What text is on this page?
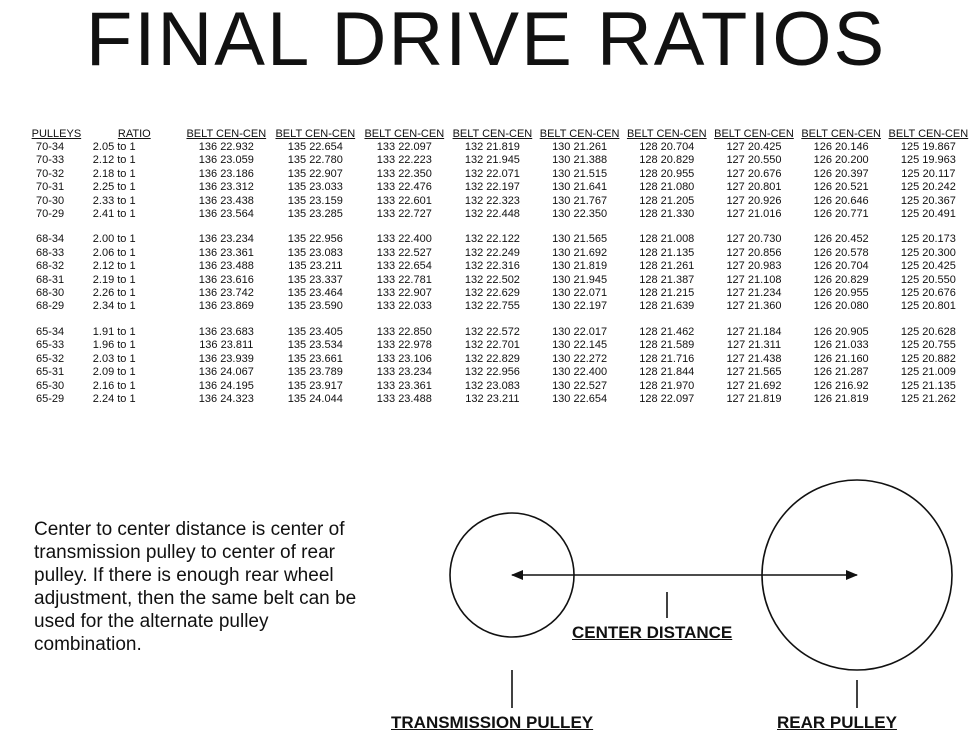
FINAL DRIVE RATIOS
PULLEYS	RATIO	BELT CEN-CEN	BELT CEN-CEN	BELT CEN-CEN	BELT CEN-CEN	BELT CEN-CEN	BELT CEN-CEN	BELT CEN-CEN	BELT CEN-CEN	BELT CEN-CEN
70-34	2.05 to 1	136 22.932	135 22.654	133 22.097	132 21.819	130 21.261	128 20.704	127 20.425	126 20.146	125 19.867
70-33	2.12 to 1	136 23.059	135 22.780	133 22.223	132 21.945	130 21.388	128 20.829	127 20.550	126 20.200	125 19.963
70-32	2.18 to 1	136 23.186	135 22.907	133 22.350	132 22.071	130 21.515	128 20.955	127 20.676	126 20.397	125 20.117
70-31	2.25 to 1	136 23.312	135 23.033	133 22.476	132 22.197	130 21.641	128 21.080	127 20.801	126 20.521	125 20.242
70-30	2.33 to 1	136 23.438	135 23.159	133 22.601	132 22.323	130 21.767	128 21.205	127 20.926	126 20.646	125 20.367
70-29	2.41 to 1	136 23.564	135 23.285	133 22.727	132 22.448	130 22.350	128 21.330	127 21.016	126 20.771	125 20.491

68-34	2.00 to 1	136 23.234	135 22.956	133 22.400	132 22.122	130 21.565	128 21.008	127 20.730	126 20.452	125 20.173
68-33	2.06 to 1	136 23.361	135 23.083	133 22.527	132 22.249	130 21.692	128 21.135	127 20.856	126 20.578	125 20.300
68-32	2.12 to 1	136 23.488	135 23.211	133 22.654	132 22.316	130 21.819	128 21.261	127 20.983	126 20.704	125 20.425
68-31	2.19 to 1	136 23.616	135 23.337	133 22.781	132 22.502	130 21.945	128 21.387	127 21.108	126 20.829	125 20.550
68-30	2.26 to 1	136 23.742	135 23.464	133 22.907	132 22.629	130 22.071	128 21.215	127 21.234	126 20.955	125 20.676
68-29	2.34 to 1	136 23.869	135 23.590	133 22.033	132 22.755	130 22.197	128 21.639	127 21.360	126 20.080	125 20.801

65-34	1.91 to 1	136 23.683	135 23.405	133 22.850	132 22.572	130 22.017	128 21.462	127 21.184	126 20.905	125 20.628
65-33	1.96 to 1	136 23.811	135 23.534	133 22.978	132 22.701	130 22.145	128 21.589	127 21.311	126 21.033	125 20.755
65-32	2.03 to 1	136 23.939	135 23.661	133 23.106	132 22.829	130 22.272	128 21.716	127 21.438	126 21.160	125 20.882
65-31	2.09 to 1	136 24.067	135 23.789	133 23.234	132 22.956	130 22.400	128 21.844	127 21.565	126 21.287	125 21.009
65-30	2.16 to 1	136 24.195	135 23.917	133 23.361	132 23.083	130 22.527	128 21.970	127 21.692	126 216.92	125 21.135
65-29	2.24 to 1	136 24.323	135 24.044	133 23.488	132 23.211	130 22.654	128 22.097	127 21.819	126 21.819	125 21.262

Center to center distance is center of transmission pulley to center of rear pulley. If there is enough rear wheel adjustment, then the same belt can be used for the alternate pulley combination.

CENTER DISTANCE
TRANSMISSION PULLEY	REAR PULLEY
